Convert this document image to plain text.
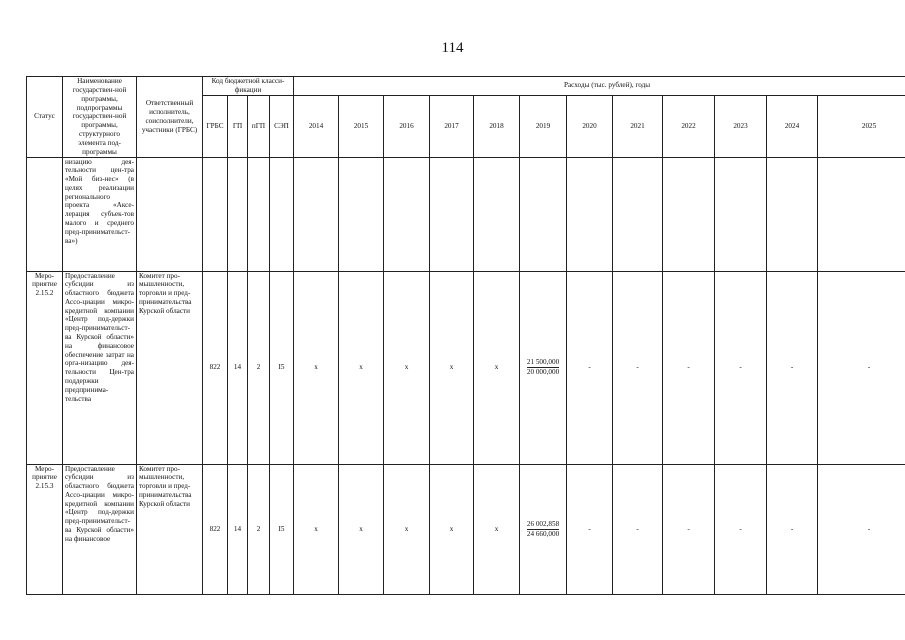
114
Статус	Наименование государствен-ной программы, подпрограммы государствен-ной программы, структурного элемента под-программы	Ответственный исполнитель, соисполнители, участники (ГРБС)	Код бюджетной класси-фикации				Расходы (тыс. рублей), годы											
			ГРБС	ГП	пГП	СЭП	2014	2015	2016	2017	2018	2019	2020	2021	2022	2023	2024	2025
	низацию дея-тельности цен-тра «Мой биз-нес» (в целях реализации регионального проекта «Аксе-лерация субъек-тов малого и среднего пред-принимательст-ва»)																	
Меро-приятие 2.15.2	Предоставление субсидии из областного бюджета Ассо-циации микро-кредитной компании «Центр под-держки пред-принимательст-ва Курской области» на финансовое обеспечение затрат на орга-низацию дея-тельности Цен-тра поддержки предпринима-тельства	Комитет про-мышленности, торговли и пред-принимательства Курской области	822	14	2	I5	х	х	х	х	х	$\frac{21 500,000}{20 000,000}$	-	-	-	-	-	-
Меро-приятие 2.15.3	Предоставление субсидии из областного бюджета Ассо-циации микро-кредитной компании «Центр под-держки пред-принимательст-ва Курской области» на финансовое	Комитет про-мышленности, торговли и пред-принимательства Курской области	822	14	2	I5	х	х	х	х	х	$\frac{26 002,858}{24 660,000}$	-	-	-	-	-	-
